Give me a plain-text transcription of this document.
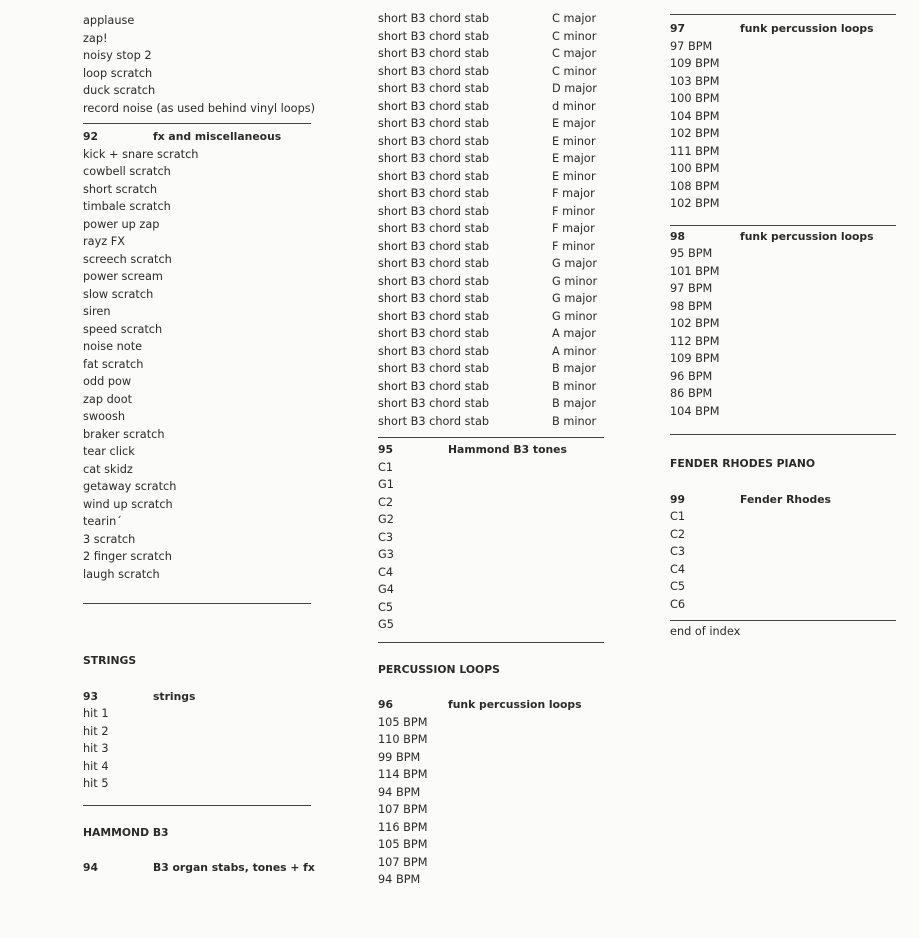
applause
zap!
noisy stop 2
loop scratch
duck scratch
record noise (as used behind vinyl loops)
92	fx and miscellaneous
kick + snare scratch
cowbell scratch
short scratch
timbale scratch
power up zap
rayz FX
screech scratch
power scream
slow scratch
siren
speed scratch
noise note
fat scratch
odd pow
zap doot
swoosh
braker scratch
tear click
cat skidz
getaway scratch
wind up scratch
tearin´
3 scratch
2 finger scratch
laugh scratch
STRINGS
93	strings
hit 1
hit 2
hit 3
hit 4
hit 5
HAMMOND B3
94	B3 organ stabs, tones + fx
short B3 chord stab	C major
short B3 chord stab	C minor
short B3 chord stab	C major
short B3 chord stab	C minor
short B3 chord stab	D major
short B3 chord stab	d minor
short B3 chord stab	E major
short B3 chord stab	E minor
short B3 chord stab	E major
short B3 chord stab	E minor
short B3 chord stab	F major
short B3 chord stab	F minor
short B3 chord stab	F major
short B3 chord stab	F minor
short B3 chord stab	G major
short B3 chord stab	G minor
short B3 chord stab	G major
short B3 chord stab	G minor
short B3 chord stab	A major
short B3 chord stab	A minor
short B3 chord stab	B major
short B3 chord stab	B minor
short B3 chord stab	B major
short B3 chord stab	B minor
95	Hammond B3 tones
C1
G1
C2
G2
C3
G3
C4
G4
C5
G5
PERCUSSION LOOPS
96	funk percussion loops
105 BPM
110 BPM
99 BPM
114 BPM
94 BPM
107 BPM
116 BPM
105 BPM
107 BPM
94 BPM
97	funk percussion loops
97 BPM
109 BPM
103 BPM
100 BPM
104 BPM
102 BPM
111 BPM
100 BPM
108 BPM
102 BPM
98	funk percussion loops
95 BPM
101 BPM
97 BPM
98 BPM
102 BPM
112 BPM
109 BPM
96 BPM
86 BPM
104 BPM
FENDER RHODES PIANO
99	Fender Rhodes
C1
C2
C3
C4
C5
C6
end of index
